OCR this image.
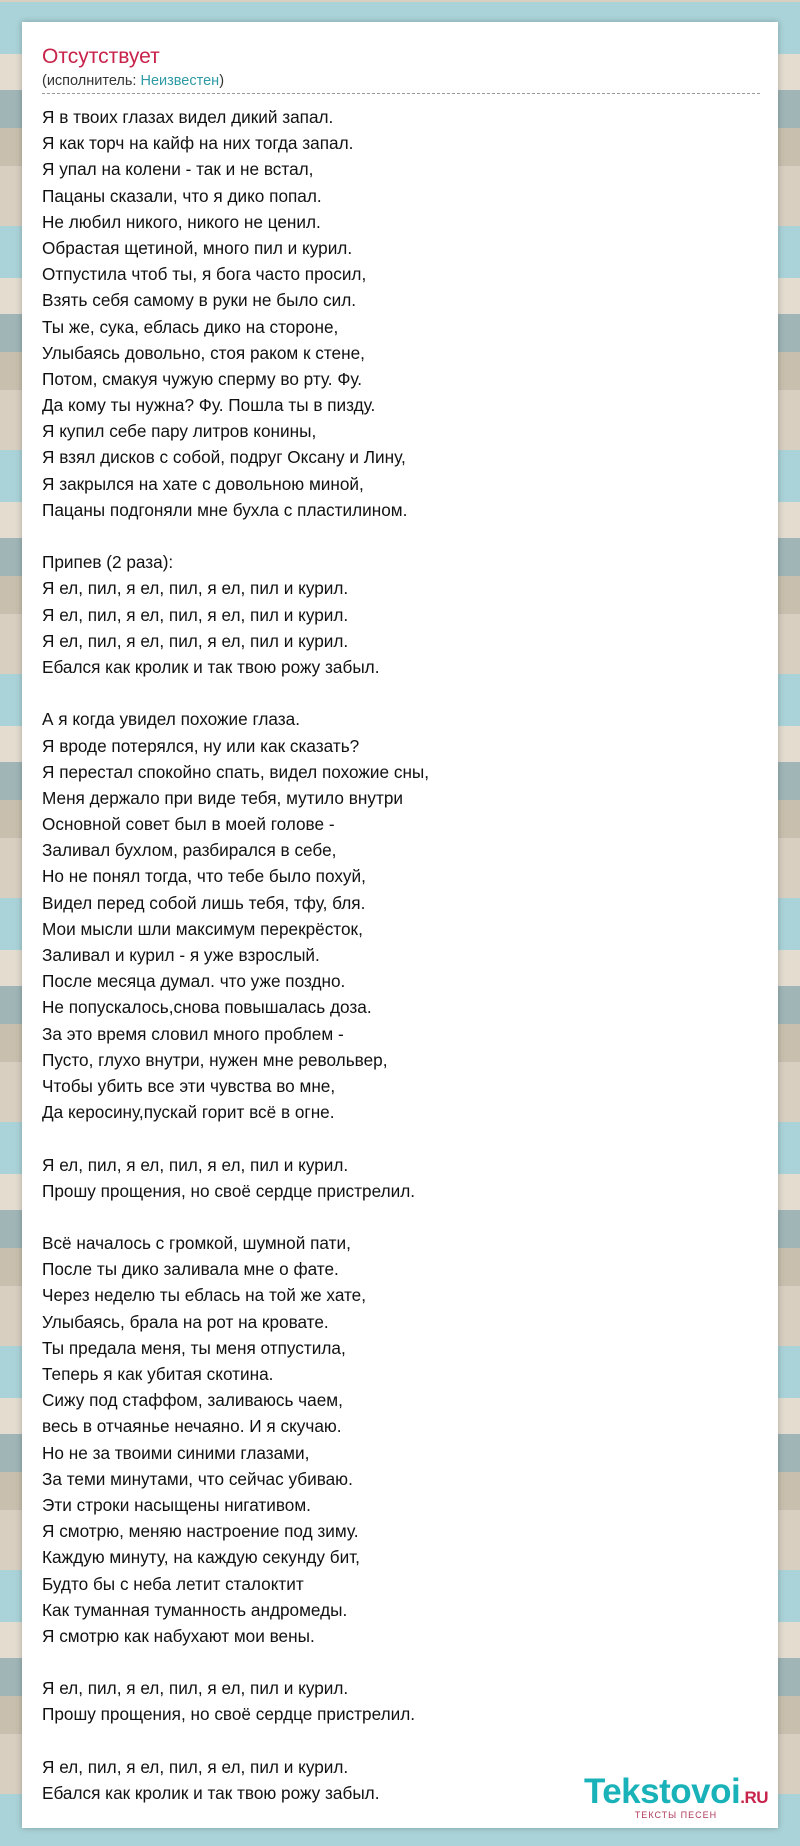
Отсутствует
(исполнитель: Неизвестен)
Я в твоих глазах видел дикий запал.
Я как торч на кайф на них тогда запал.
Я упал на колени - так и не встал,
Пацаны сказали, что я дико попал.
Не любил никого, никого не ценил.
Обрастая щетиной, много пил и курил.
Отпустила чтоб ты, я бога часто просил,
Взять себя самому в руки не было сил.
Ты же, сука, еблась дико на стороне,
Улыбаясь довольно, стоя раком к стене,
Потом, смакуя чужую сперму во рту. Фу.
Да кому ты нужна? Фу. Пошла ты в пизду.
Я купил себе пару литров конины,
Я взял дисков с собой, подруг Оксану и Лину,
Я закрылся на хате с довольною миной,
Пацаны подгоняли мне бухла с пластилином.
Припев (2 раза):
Я ел, пил, я ел, пил, я ел, пил и курил.
Я ел, пил, я ел, пил, я ел, пил и курил.
Я ел, пил, я ел, пил, я ел, пил и курил.
Ебался как кролик и так твою рожу забыл.
А я когда увидел похожие глаза.
Я вроде потерялся, ну или как сказать?
Я перестал спокойно спать, видел похожие сны,
Меня держало при виде тебя, мутило внутри
Основной совет был в моей голове -
Заливал бухлом, разбирался в себе,
Но не понял тогда, что тебе было похуй,
Видел перед собой лишь тебя, тфу, бля.
Мои мысли шли максимум перекрёсток,
Заливал и курил - я уже взрослый.
После месяца думал. что уже поздно.
Не попускалось,снова повышалась доза.
За это время словил много проблем -
Пусто, глухо внутри, нужен мне револьвер,
Чтобы убить все эти чувства во мне,
Да керосину,пускай горит всё в огне.
Я ел, пил, я ел, пил, я ел, пил и курил.
Прошу прощения, но своё сердце пристрелил.
Всё началось с громкой, шумной пати,
После ты дико заливала мне о фате.
Через неделю ты еблась на той же хате,
Улыбаясь, брала на рот на кровате.
Ты предала меня, ты меня отпустила,
Теперь я как убитая скотина.
Сижу под стаффом, заливаюсь чаем,
весь в отчаянье нечаяно. И я скучаю.
Но не за твоими синими глазами,
За теми минутами, что сейчас убиваю.
Эти строки насыщены нигативом.
Я смотрю, меняю настроение под зиму.
Каждую минуту, на каждую секунду бит,
Будто бы с неба летит сталоктит
Как туманная туманность андромеды.
Я смотрю как набухают мои вены.
Я ел, пил, я ел, пил, я ел, пил и курил.
Прошу прощения, но своё сердце пристрелил.
Я ел, пил, я ел, пил, я ел, пил и курил.
Ебался как кролик и так твою рожу забыл.	Tekstovoi.RU
ТЕКСТЫ ПЕСЕН
